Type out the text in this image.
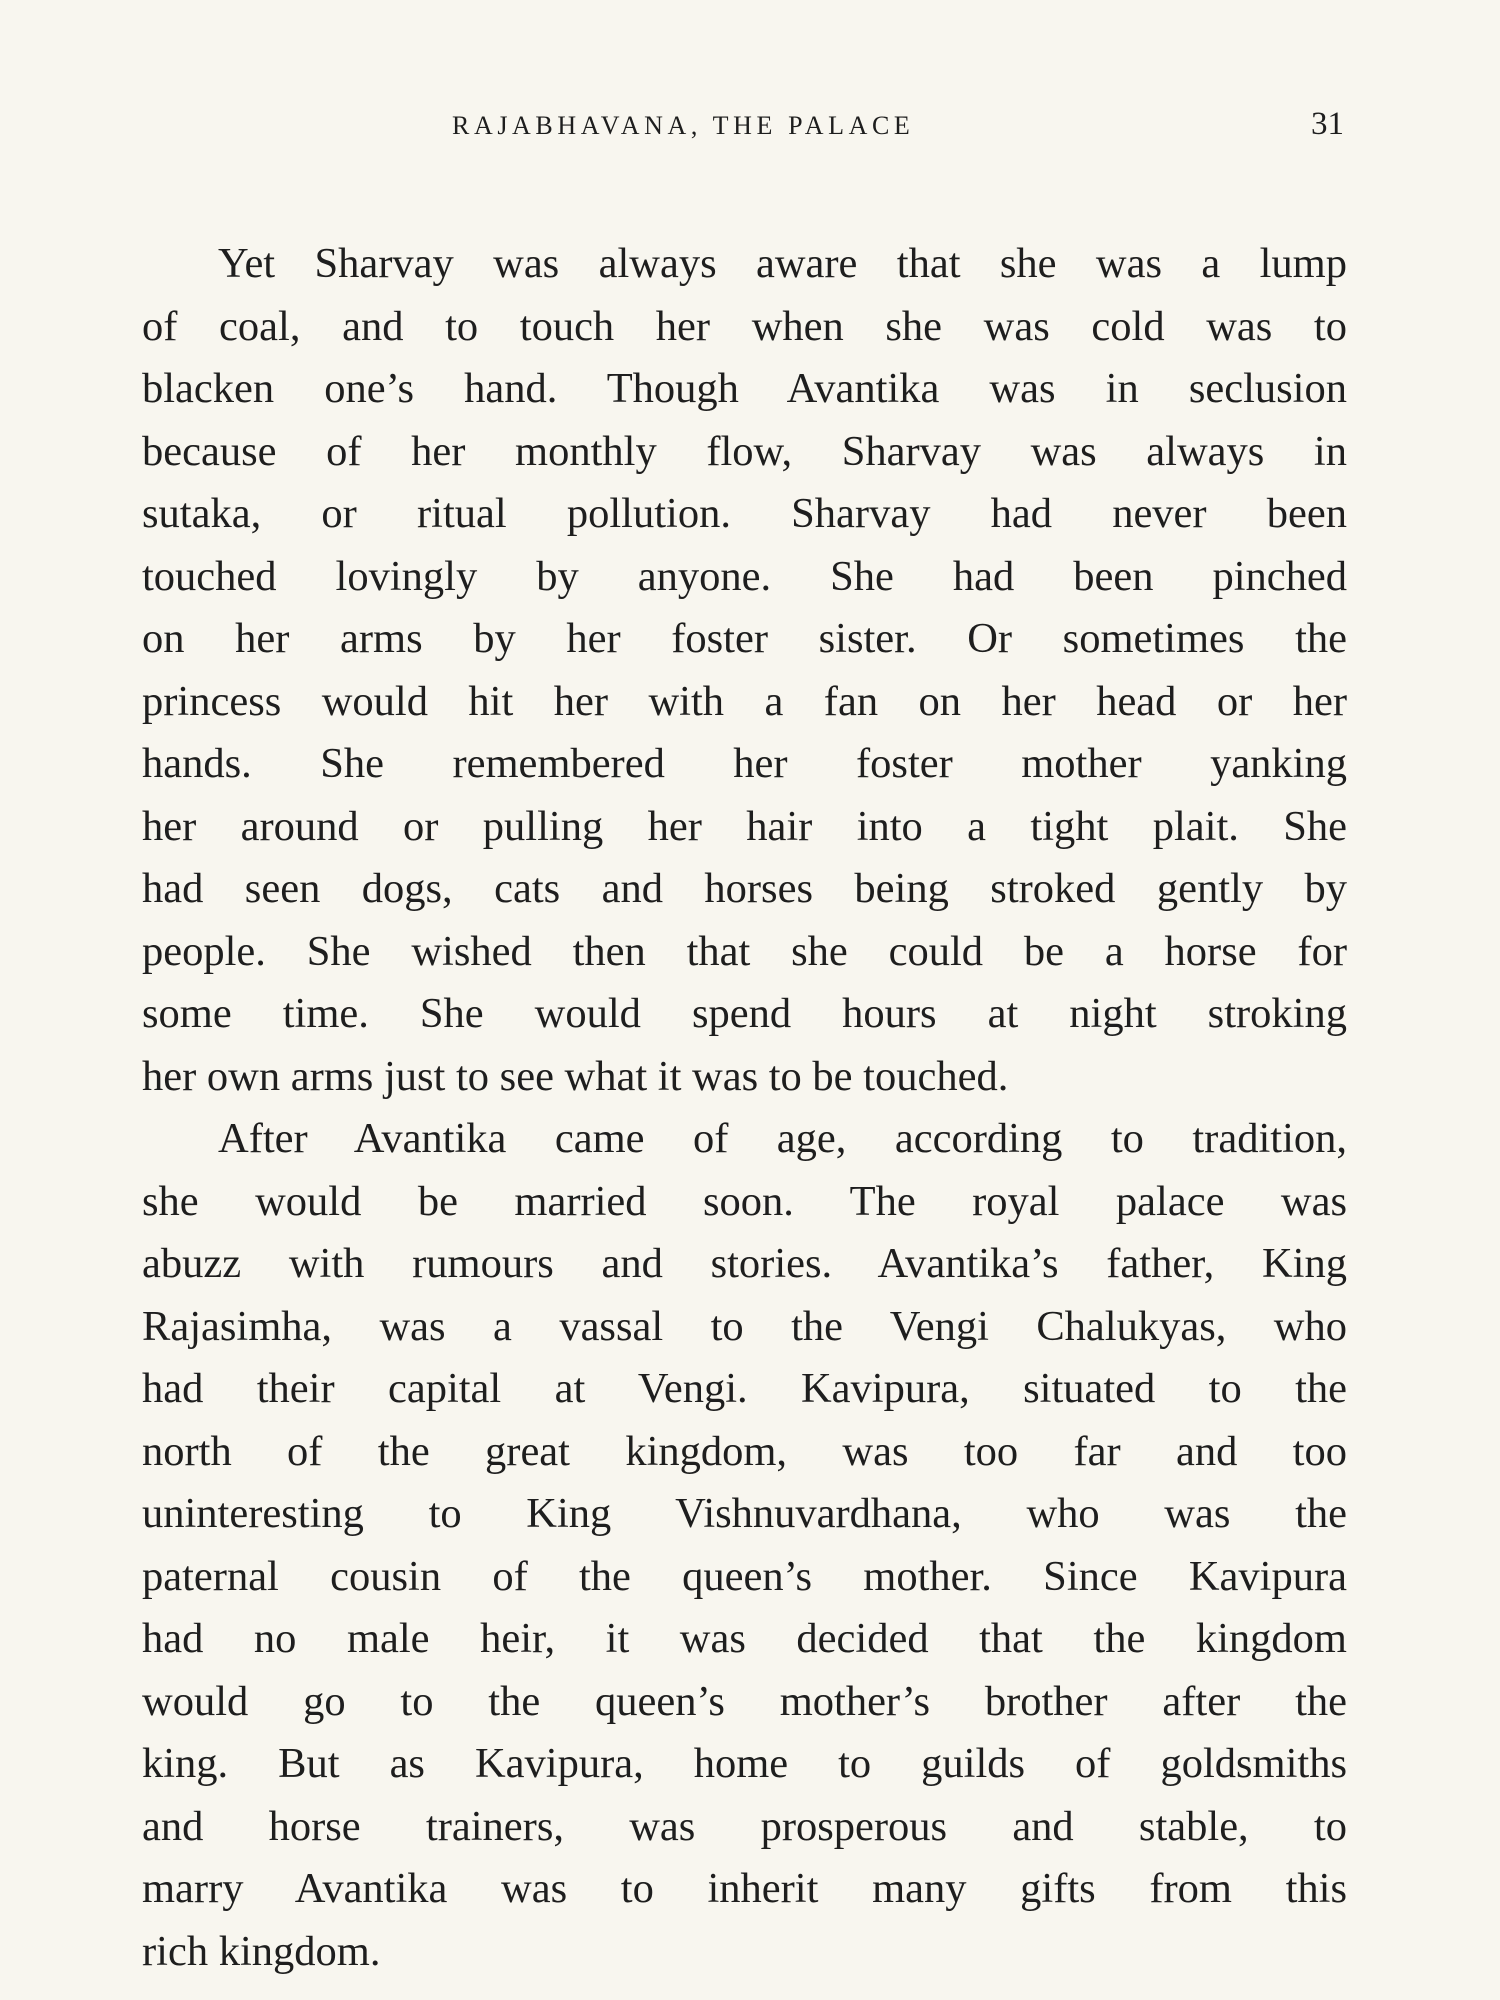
RAJABHAVANA, THE PALACE	31
Yet Sharvay was always aware that she was a lump
of coal, and to touch her when she was cold was to
blacken one’s hand. Though Avantika was in seclusion
because of her monthly flow, Sharvay was always in
sutaka, or ritual pollution. Sharvay had never been
touched lovingly by anyone. She had been pinched
on her arms by her foster sister. Or sometimes the
princess would hit her with a fan on her head or her
hands. She remembered her foster mother yanking
her around or pulling her hair into a tight plait. She
had seen dogs, cats and horses being stroked gently by
people. She wished then that she could be a horse for
some time. She would spend hours at night stroking
her own arms just to see what it was to be touched.
After Avantika came of age, according to tradition,
she would be married soon. The royal palace was
abuzz with rumours and stories. Avantika’s father, King
Rajasimha, was a vassal to the Vengi Chalukyas, who
had their capital at Vengi. Kavipura, situated to the
north of the great kingdom, was too far and too
uninteresting to King Vishnuvardhana, who was the
paternal cousin of the queen’s mother. Since Kavipura
had no male heir, it was decided that the kingdom
would go to the queen’s mother’s brother after the
king. But as Kavipura, home to guilds of goldsmiths
and horse trainers, was prosperous and stable, to
marry Avantika was to inherit many gifts from this
rich kingdom.
